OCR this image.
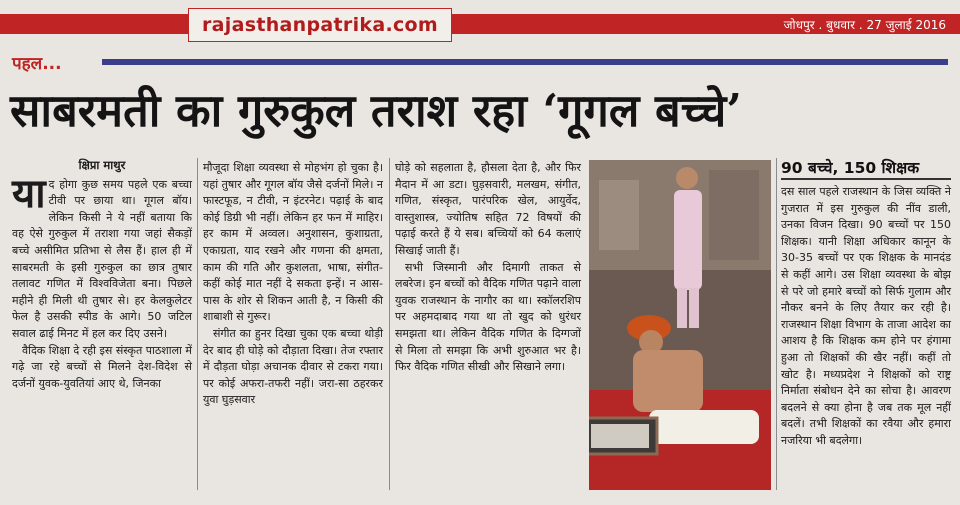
rajasthanpatrika.com	जोधपुर . बुधवार . 27 जुलाई 2016
पहल...
साबरमती का गुरुकुल तराश रहा ‘गूगल बच्चे’
क्षिप्रा माथुर

याद होगा कुछ समय पहले एक बच्चा टीवी पर छाया था। गूगल बॉय। लेकिन किसी ने ये नहीं बताया कि वह ऐसे गुरुकुल में तराशा गया जहां सैकड़ों बच्चे असीमित प्रतिभा से लैस हैं। हाल ही में साबरमती के इसी गुरुकुल का छात्र तुषार तलावट गणित में विश्वविजेता बना। पिछले महीने ही मिली थी तुषार से। हर केलकुलेटर फेल है उसकी स्पीड के आगे। 50 जटिल सवाल ढाई मिनट में हल कर दिए उसने।

वैदिक शिक्षा दे रही इस संस्कृत पाठशाला में गढ़े जा रहे बच्चों से मिलने देश-विदेश से दर्जनों युवक-युवतियां आए थे, जिनका

मौजूदा शिक्षा व्यवस्था से मोहभंग हो चुका है। यहां तुषार और गूगल बॉय जैसे दर्जनों मिले। न फास्टफूड, न टीवी, न इंटरनेट। पढ़ाई के बाद कोई डिग्री भी नहीं। लेकिन हर फन में माहिर। हर काम में अव्वल। अनुशासन, कुशाग्रता, एकाग्रता, याद रखने और गणना की क्षमता, काम की गति और कुशलता, भाषा, संगीत- कहीं कोई मात नहीं दे सकता इन्हें। न आस-पास के शोर से शिकन आती है, न किसी की शाबाशी से गुरूर।

संगीत का हुनर दिखा चुका एक बच्चा थोड़ी देर बाद ही घोड़े को दौड़ाता दिखा। तेज रफ्तार में दौड़ता घोड़ा अचानक दीवार से टकरा गया। पर कोई अफरा-तफरी नहीं। जरा-सा ठहरकर युवा घुड़सवार

घोड़े को सहलाता है, हौसला देता है, और फिर मैदान में आ डटा। घुड़सवारी, मलखम, संगीत, गणित, संस्कृत, पारंपरिक खेल, आयुर्वेद, वास्तुशास्त्र, ज्योतिष सहित 72 विषयों की पढ़ाई करते हैं ये सब। बच्चियों को 64 कलाएं सिखाई जाती हैं।

सभी जिस्मानी और दिमागी ताकत से लबरेज। इन बच्चों को वैदिक गणित पढ़ाने वाला युवक राजस्थान के नागौर का था। स्कॉलरशिप पर अहमदाबाद गया था तो खुद को धुरंधर समझता था। लेकिन वैदिक गणित के दिग्गजों से मिला तो समझा कि अभी शुरुआत भर है। फिर वैदिक गणित सीखी और सिखाने लगा।

90 बच्चे, 150 शिक्षक

दस साल पहले राजस्थान के जिस व्यक्ति ने गुजरात में इस गुरुकुल की नींव डाली, उनका विजन दिखा। 90 बच्चों पर 150 शिक्षक। यानी शिक्षा अधिकार कानून के 30-35 बच्चों पर एक शिक्षक के मानदंड से कहीं आगे। उस शिक्षा व्यवस्था के बोझ से परे जो हमारे बच्चों को सिर्फ गुलाम और नौकर बनने के लिए तैयार कर रही है। राजस्थान शिक्षा विभाग के ताजा आदेश का आशय है कि शिक्षक कम होने पर हंगामा हुआ तो शिक्षकों की खैर नहीं। कहीं तो खोट है। मध्यप्रदेश ने शिक्षकों को राष्ट्र निर्माता संबोधन देने का सोचा है। आवरण बदलने से क्या होना है जब तक मूल नहीं बदलें। तभी शिक्षकों का रवैया और हमारा नजरिया भी बदलेगा।
